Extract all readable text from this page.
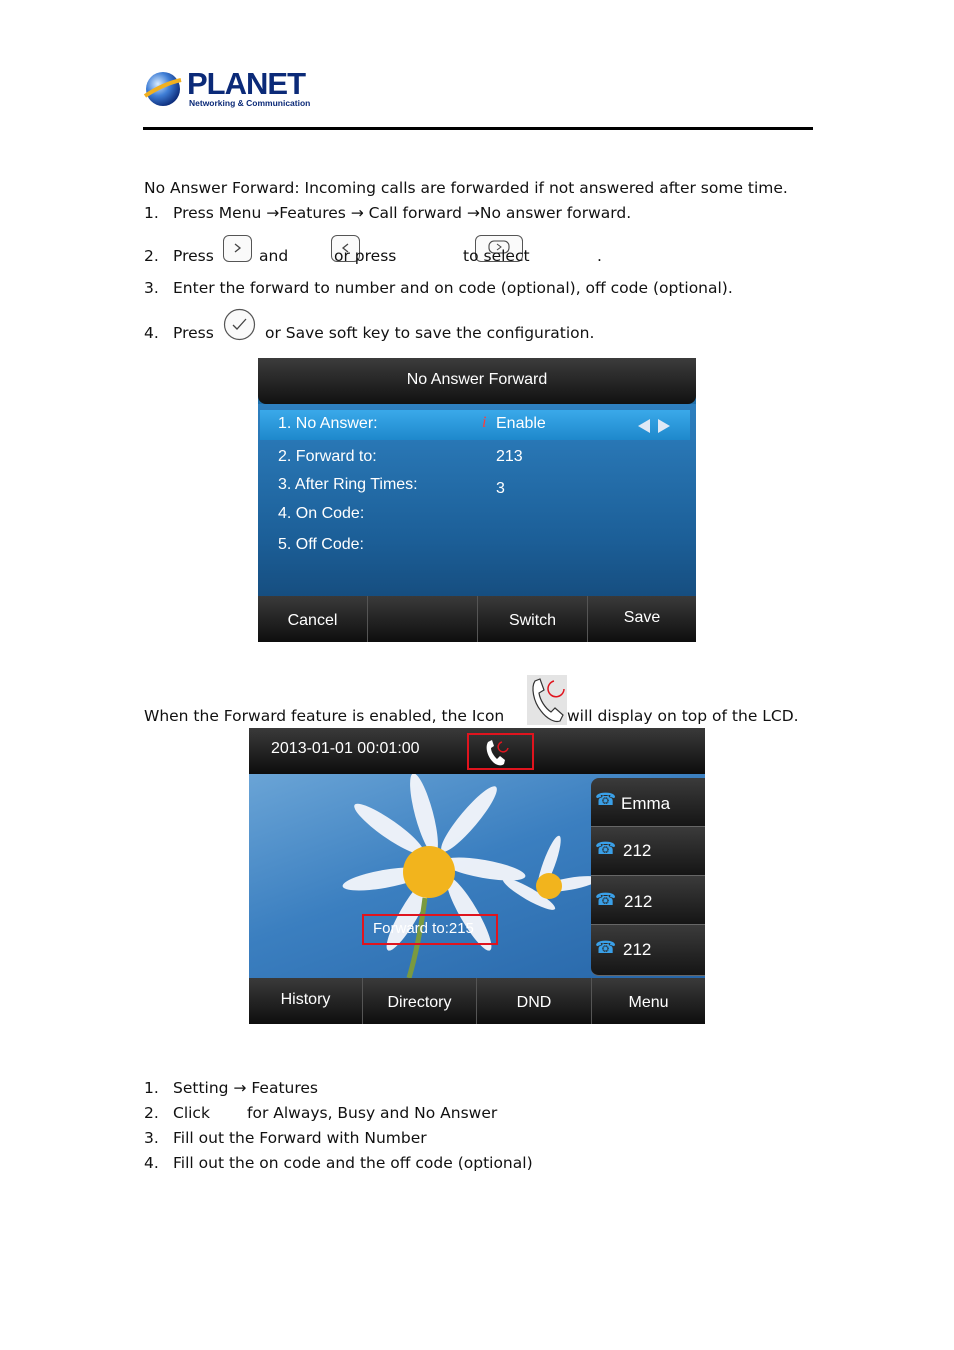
PLANET
Networking & Communication
No Answer Forward: Incoming calls are forwarded if not answered after some time.
1. Press Menu →Features → Call forward →No answer forward.
2. Press
	and
	or press	to select	.
3. Enter the forward to number and on code (optional), off code (optional).
4. Press	or Save soft key to save the configuration.
No Answer Forward
1. No Answer:	i Enable
2. Forward to:	213
3. After Ring Times:	3
4. On Code:
5. Off Code:
Cancel	Switch	Save
When the Forward feature is enabled, the Icon	will display on top of the LCD.
2013-01-01 00:01:00
Forward to:215
☎ Emma
☎ 212
☎ 212
☎ 212
History	Directory	DND	Menu
1. Setting → Features
2. Click for Always, Busy and No Answer
3. Fill out the Forward with Number
4. Fill out the on code and the off code (optional)
